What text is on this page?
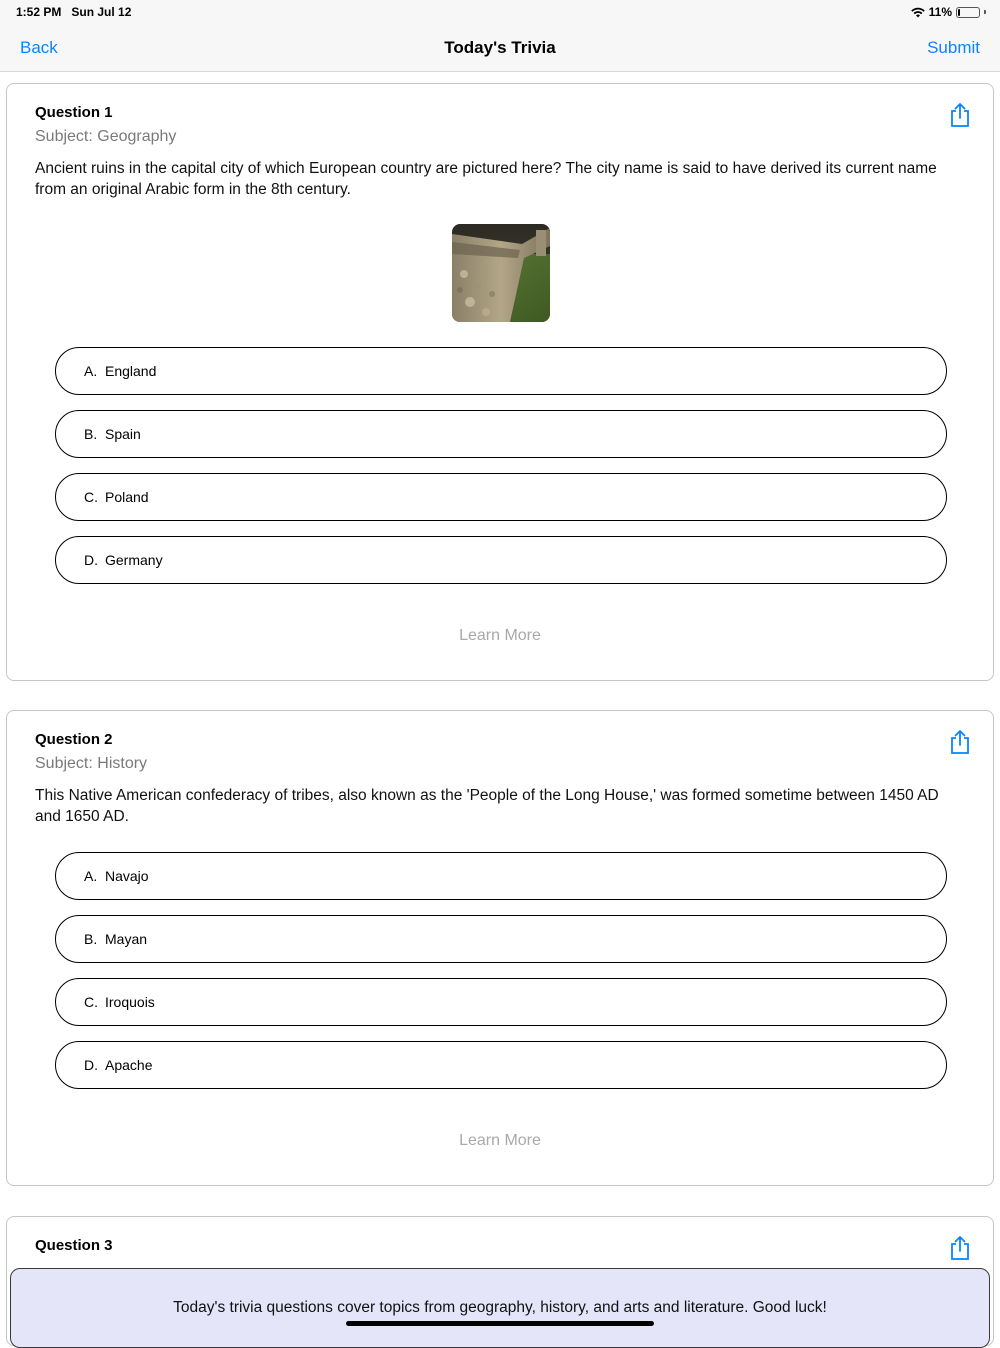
1:52 PM Sun Jul 12	11%
Back	Today's Trivia	Submit
Question 1
Subject: Geography
Ancient ruins in the capital city of which European country are pictured here? The city name is said to have derived its current name from an original Arabic form in the 8th century.
A. England
B. Spain
C. Poland
D. Germany
Learn More
Question 2
Subject: History
This Native American confederacy of tribes, also known as the 'People of the Long House,' was formed sometime between 1450 AD and 1650 AD.
A. Navajo
B. Mayan
C. Iroquois
D. Apache
Learn More
Question 3
Today's trivia questions cover topics from geography, history, and arts and literature. Good luck!
